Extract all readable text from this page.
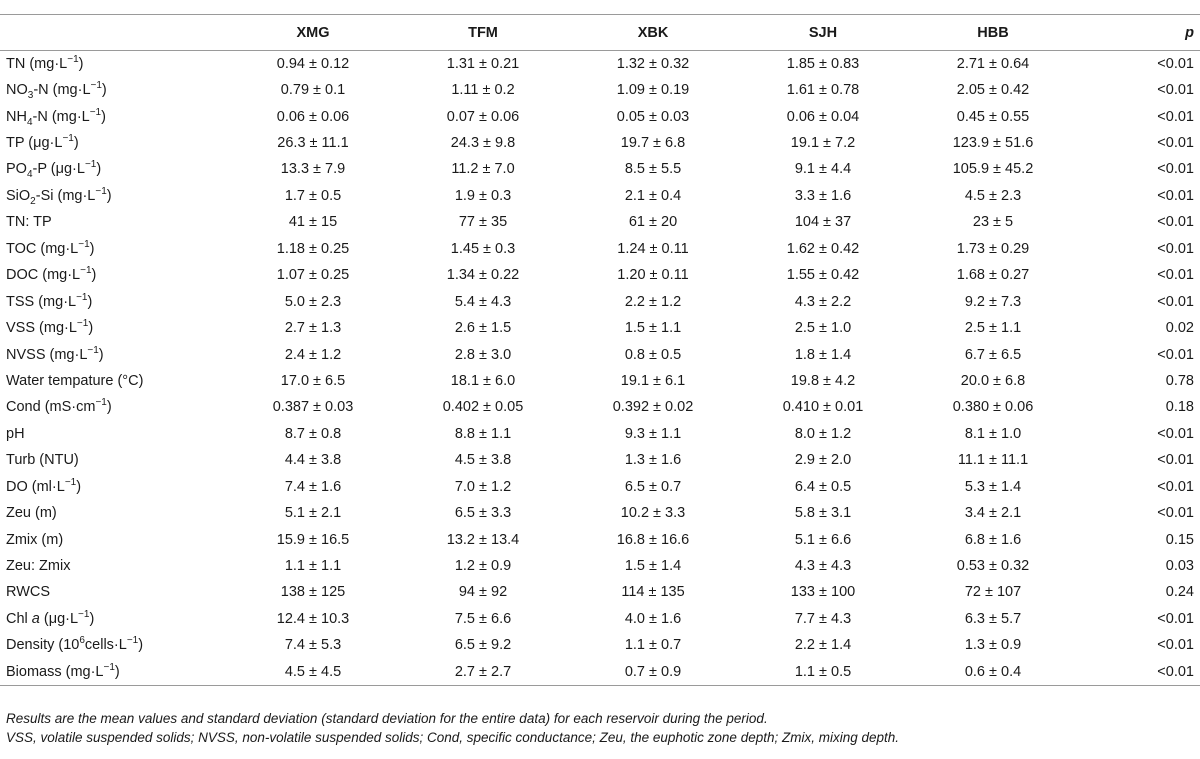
	XMG	TFM	XBK	SJH	HBB	p
TN $(mg\cdot L^{-1})$	0.94 ± 0.12	1.31 ± 0.21	1.32 ± 0.32	1.85 ± 0.83	2.71 ± 0.64	<0.01
$NO_3-N$ $(mg\cdot L^{-1})$	0.79 ± 0.1	1.11 ± 0.2	1.09 ± 0.19	1.61 ± 0.78	2.05 ± 0.42	<0.01
$NH_4-N$ $(mg\cdot L^{-1})$	0.06 ± 0.06	0.07 ± 0.06	0.05 ± 0.03	0.06 ± 0.04	0.45 ± 0.55	<0.01
TP $(\mu g\cdot L^{-1})$	26.3 ± 11.1	24.3 ± 9.8	19.7 ± 6.8	19.1 ± 7.2	123.9 ± 51.6	<0.01
$PO_4-P$ $(\mu g\cdot L^{-1})$	13.3 ± 7.9	11.2 ± 7.0	8.5 ± 5.5	9.1 ± 4.4	105.9 ± 45.2	<0.01
SiO$_2$-Si $(mg\cdot L^{-1})$	1.7 ± 0.5	1.9 ± 0.3	2.1 ± 0.4	3.3 ± 1.6	4.5 ± 2.3	<0.01
TN: TP	41 ± 15	77 ± 35	61 ± 20	104 ± 37	23 ± 5	<0.01
TOC $(mg\cdot L^{-1})$	1.18 ± 0.25	1.45 ± 0.3	1.24 ± 0.11	1.62 ± 0.42	1.73 ± 0.29	<0.01
DOC $(mg\cdot L^{-1})$	1.07 ± 0.25	1.34 ± 0.22	1.20 ± 0.11	1.55 ± 0.42	1.68 ± 0.27	<0.01
TSS $(mg\cdot L^{-1})$	5.0 ± 2.3	5.4 ± 4.3	2.2 ± 1.2	4.3 ± 2.2	9.2 ± 7.3	<0.01
VSS $(mg\cdot L^{-1})$	2.7 ± 1.3	2.6 ± 1.5	1.5 ± 1.1	2.5 ± 1.0	2.5 ± 1.1	0.02
NVSS $(mg\cdot L^{-1})$	2.4 ± 1.2	2.8 ± 3.0	0.8 ± 0.5	1.8 ± 1.4	6.7 ± 6.5	<0.01
Water tempature (°C)	17.0 ± 6.5	18.1 ± 6.0	19.1 ± 6.1	19.8 ± 4.2	20.0 ± 6.8	0.78
Cond $(mS\cdot cm^{-1})$	0.387 ± 0.03	0.402 ± 0.05	0.392 ± 0.02	0.410 ± 0.01	0.380 ± 0.06	0.18
pH	8.7 ± 0.8	8.8 ± 1.1	9.3 ± 1.1	8.0 ± 1.2	8.1 ± 1.0	<0.01
Turb (NTU)	4.4 ± 3.8	4.5 ± 3.8	1.3 ± 1.6	2.9 ± 2.0	11.1 ± 11.1	<0.01
DO $(ml\cdot L^{-1})$	7.4 ± 1.6	7.0 ± 1.2	6.5 ± 0.7	6.4 ± 0.5	5.3 ± 1.4	<0.01
Zeu (m)	5.1 ± 2.1	6.5 ± 3.3	10.2 ± 3.3	5.8 ± 3.1	3.4 ± 2.1	<0.01
Zmix (m)	15.9 ± 16.5	13.2 ± 13.4	16.8 ± 16.6	5.1 ± 6.6	6.8 ± 1.6	0.15
Zeu: Zmix	1.1 ± 1.1	1.2 ± 0.9	1.5 ± 1.4	4.3 ± 4.3	0.53 ± 0.32	0.03
RWCS	138 ± 125	94 ± 92	114 ± 135	133 ± 100	72 ± 107	0.24
Chl a $(\mu g\cdot L^{-1})$	12.4 ± 10.3	7.5 ± 6.6	4.0 ± 1.6	7.7 ± 4.3	6.3 ± 5.7	<0.01
Density $(10^6cells\cdot L^{-1})$	7.4 ± 5.3	6.5 ± 9.2	1.1 ± 0.7	2.2 ± 1.4	1.3 ± 0.9	<0.01
Biomass $(mg\cdot L^{-1})$	4.5 ± 4.5	2.7 ± 2.7	0.7 ± 0.9	1.1 ± 0.5	0.6 ± 0.4	<0.01
Results are the mean values and standard deviation (standard deviation for the entire data) for each reservoir during the period.
VSS, volatile suspended solids; NVSS, non-volatile suspended solids; Cond, specific conductance; Zeu, the euphotic zone depth; Zmix, mixing depth.
